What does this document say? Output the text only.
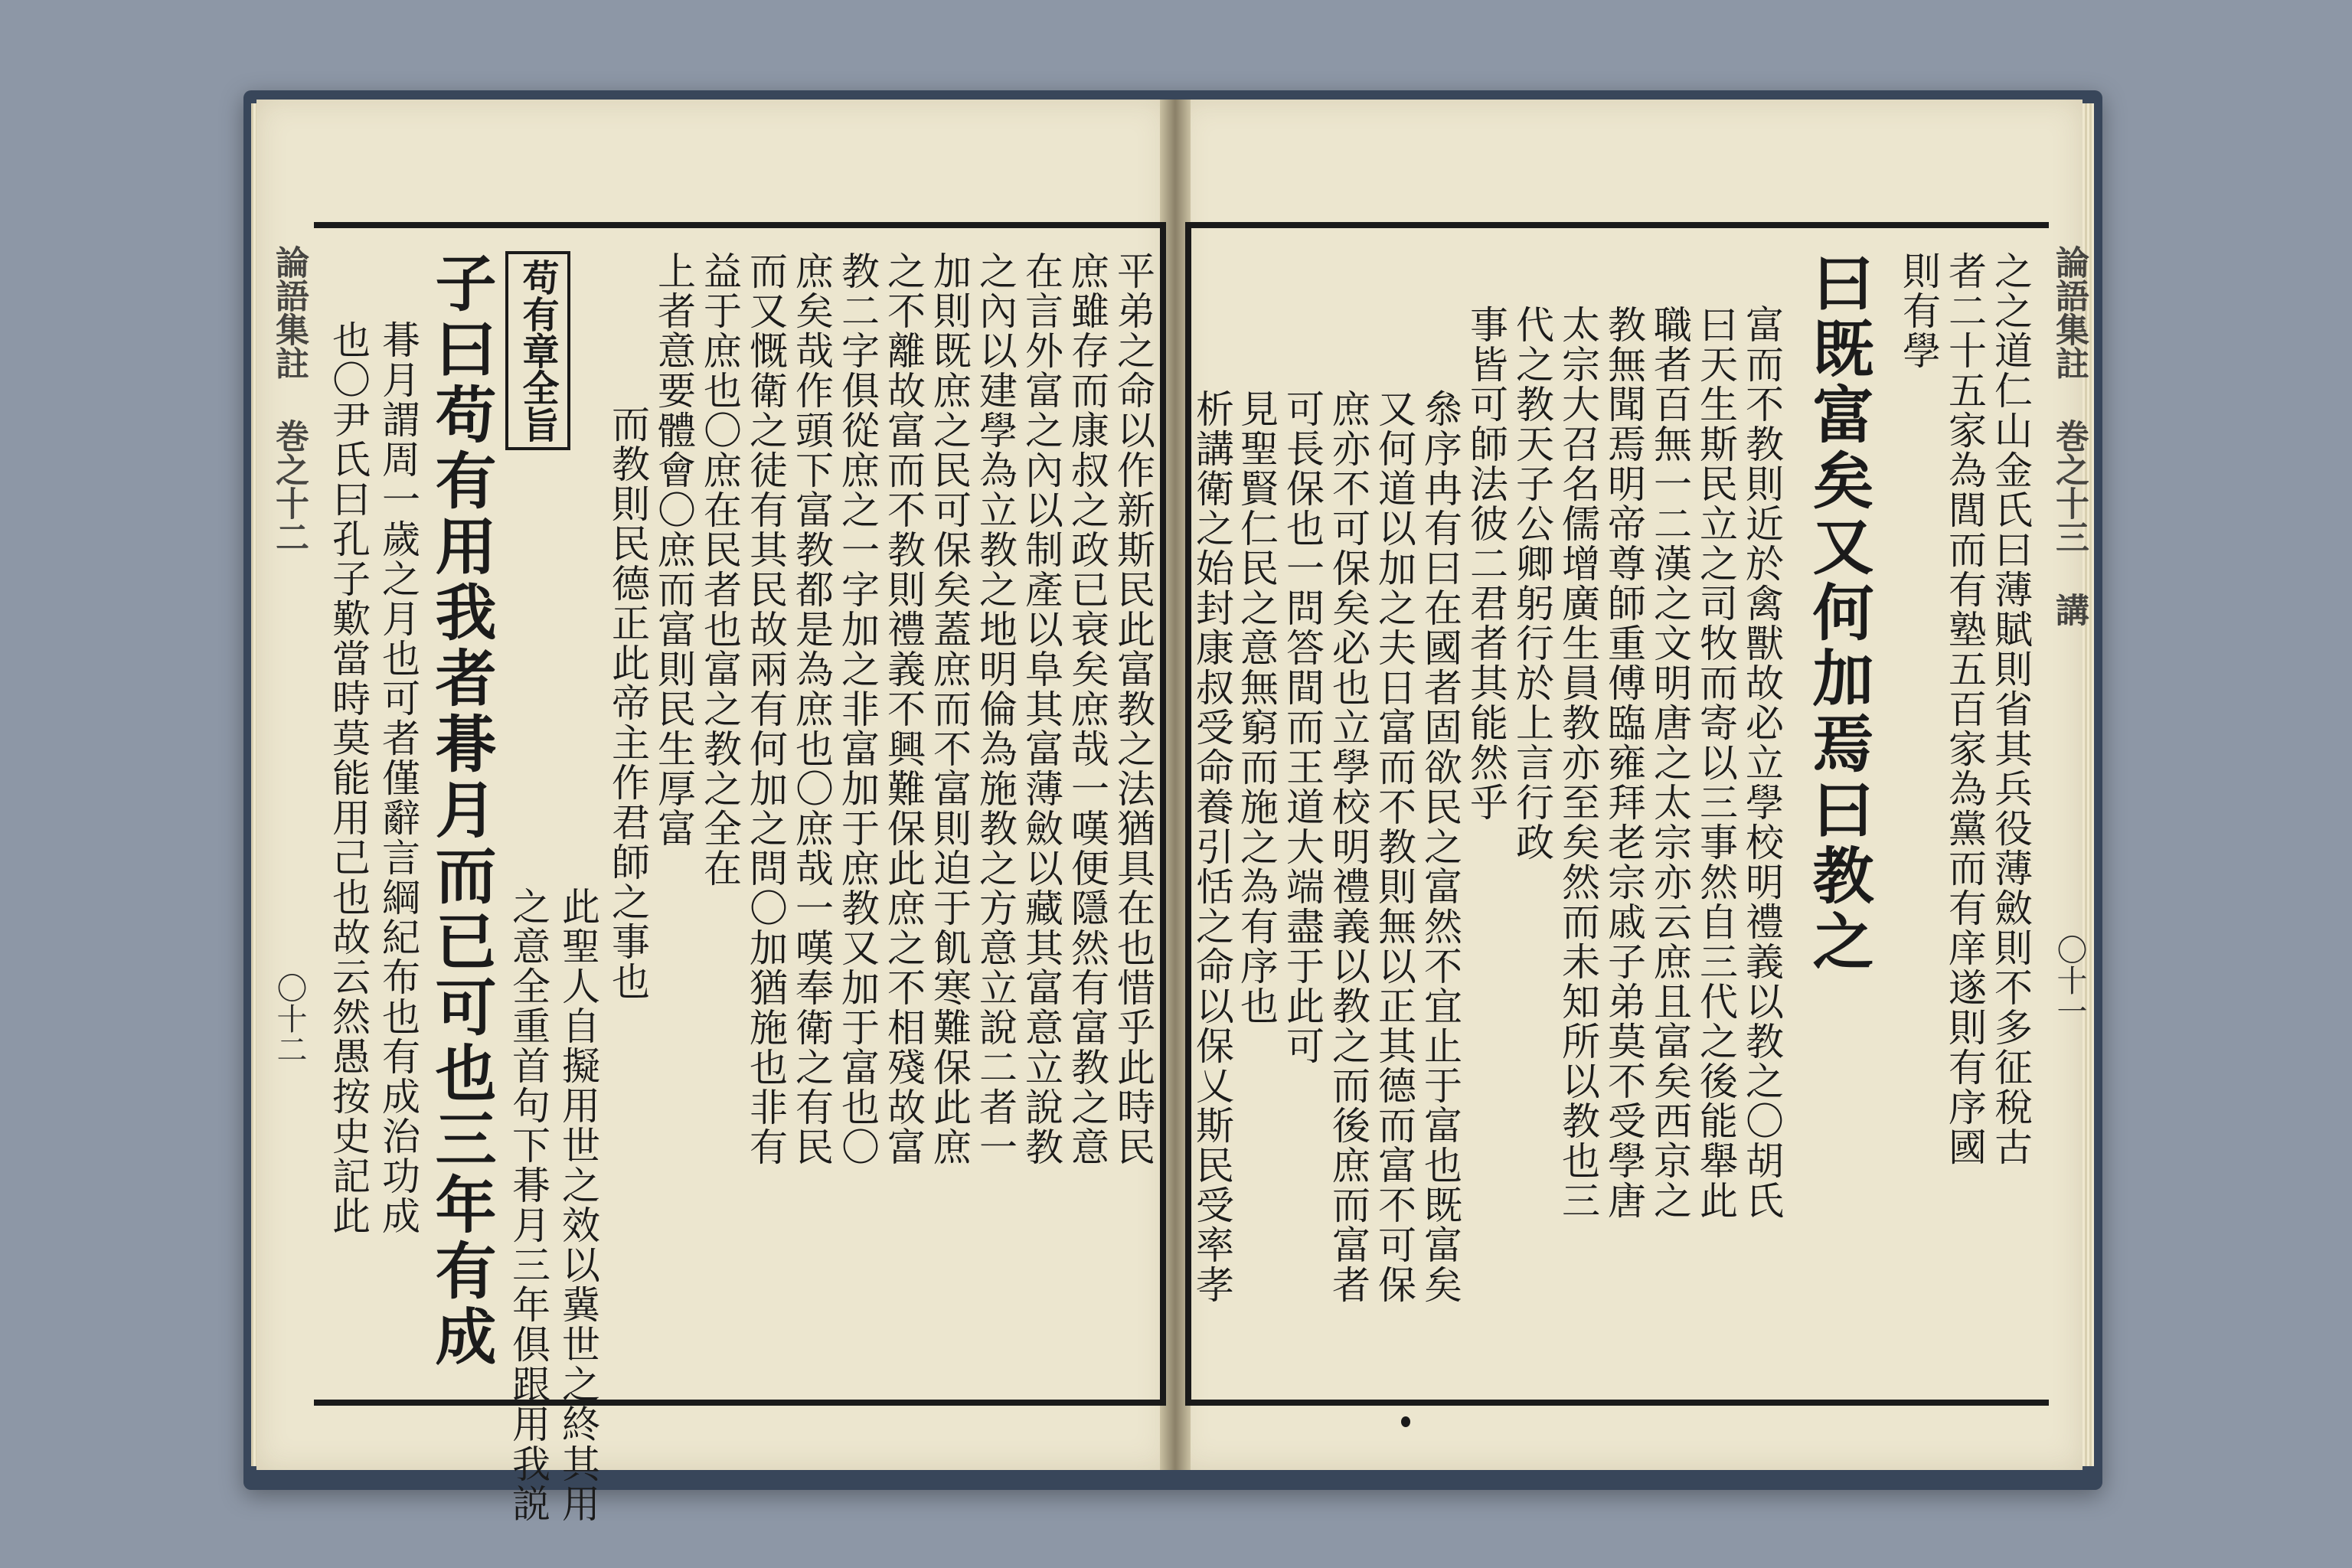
論語集註 巻之十二
〇十二
論語集註 巻之十三 講
〇十一
苟有章全旨
子曰苟有用我者朞月而已可也三年有成
朞月謂周一歲之月也可者僅辭言綱紀布也有成治功成
也〇尹氏曰孔子歎當時莫能用己也故云然愚按史記此	而教則民德正此帝主作君師之事也
此聖人自擬用世之效以冀世之終其用
之意全重首句下朞月三年俱跟用我説
上者意要體會〇庶而富則民生厚富 益于庶也〇庶在民者也富之教之全在 而又慨衛之徒有其民故兩有何加之問〇加猶施也非有 庶矣哉作頭下富教都是為庶也〇庶哉一嘆奉衛之有民 教二字俱從庶之一字加之非富加于庶教又加于富也〇 之不離故富而不教則禮義不興難保此庶之不相殘故富 加則既庶之民可保矣蓋庶而不富則迫于飢寒難保此庶 之內以建學為立教之地明倫為施教之方意立說二者一 在言外富之內以制產以阜其富薄斂以藏其富意立說教 庶雖存而康叔之政已衰矣庶哉一嘆便隱然有富教之意 平弟之命以作新斯民此富教之法猶具在也惜乎此時民	之之道仁山金氏曰薄賦則省其兵役薄斂則不多征稅古
者二十五家為閭而有塾五百家為黨而有庠遂則有序國
則有學
曰既富矣又何加焉曰教之
富而不教則近於禽獸故必立學校明禮義以教之〇胡氏
曰天生斯民立之司牧而寄以三事然自三代之後能舉此
職者百無一二漢之文明唐之太宗亦云庶且富矣西京之
教無聞焉明帝尊師重傅臨雍拜老宗戚子弟莫不受學唐
太宗大召名儒增廣生員教亦至矣然而未知所以教也三
代之教天子公卿躬行於上言行政
事皆可師法彼二君者其能然乎
叅序冉有曰在國者固欲民之富然不宜止于富也既富矣
又何道以加之夫日富而不教則無以正其德而富不可保
庶亦不可保矣必也立學校明禮義以教之而後庶而富者
可長保也一問答間而王道大端盡于此可
見聖賢仁民之意無窮而施之為有序也
析講衛之始封康叔受命養引恬之命以保乂斯民受率孝
